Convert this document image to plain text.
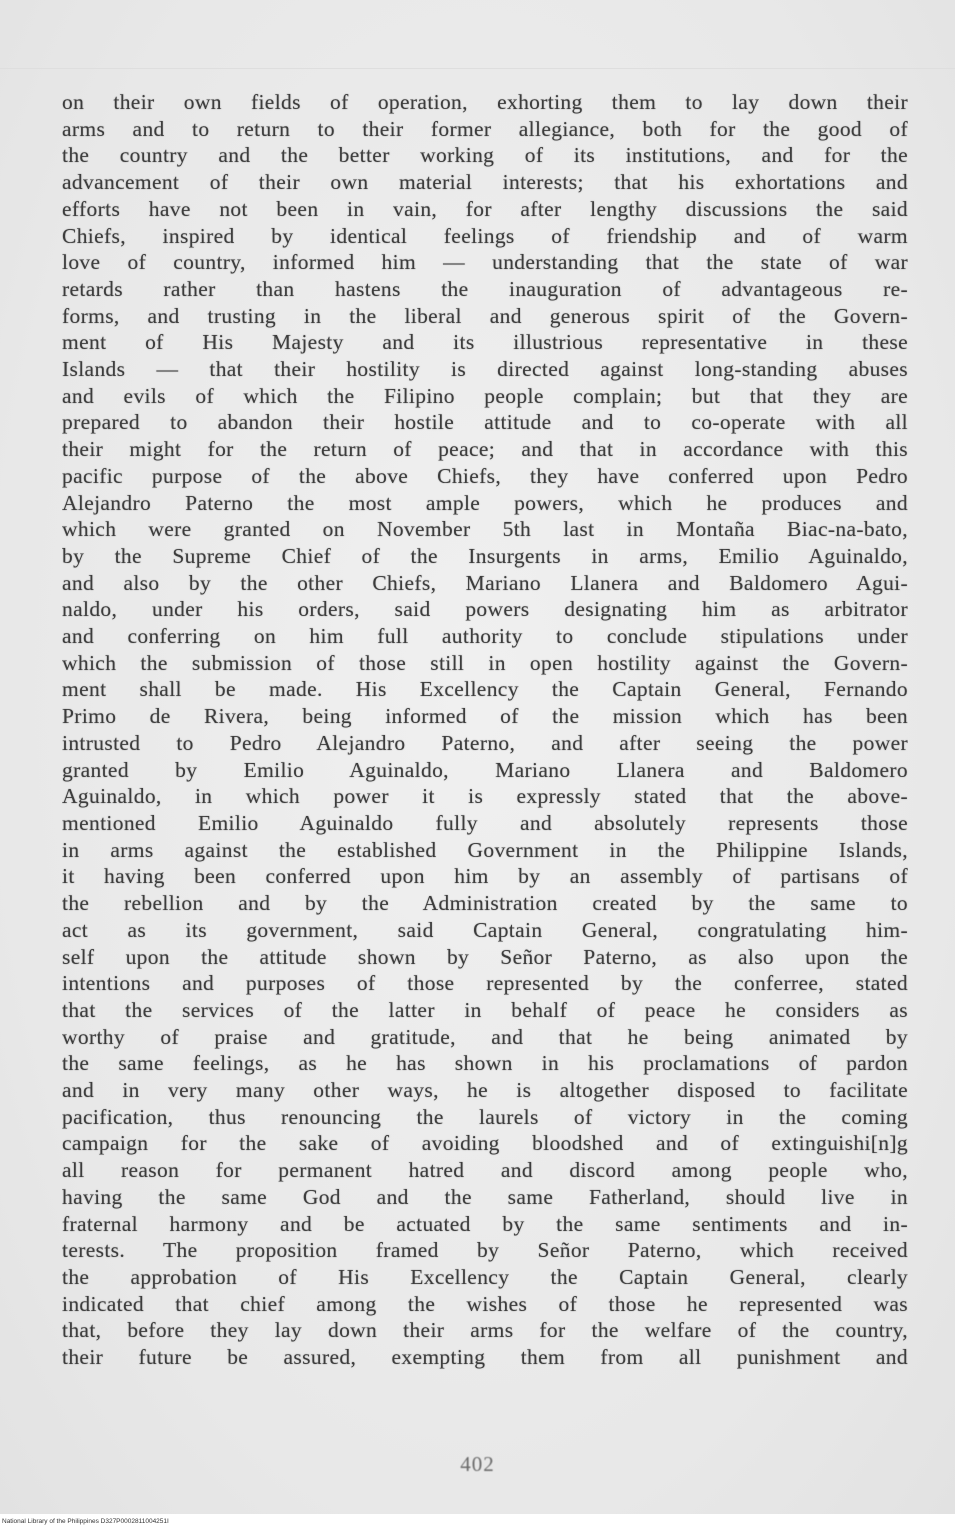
on their own fields of operation, exhorting them to lay down their
arms and to return to their former allegiance, both for the good of
the country and the better working of its institutions, and for the
advancement of their own material interests; that his exhortations and
efforts have not been in vain, for after lengthy discussions the said
Chiefs, inspired by identical feelings of friendship and of warm
love of country, informed him — understanding that the state of war
retards rather than hastens the inauguration of advantageous re-
forms, and trusting in the liberal and generous spirit of the Govern-
ment of His Majesty and its illustrious representative in these
Islands — that their hostility is directed against long-standing abuses
and evils of which the Filipino people complain; but that they are
prepared to abandon their hostile attitude and to co-operate with all
their might for the return of peace; and that in accordance with this
pacific purpose of the above Chiefs, they have conferred upon Pedro
Alejandro Paterno the most ample powers, which he produces and
which were granted on November 5th last in Montaña Biac-na-bato,
by the Supreme Chief of the Insurgents in arms, Emilio Aguinaldo,
and also by the other Chiefs, Mariano Llanera and Baldomero Agui-
naldo, under his orders, said powers designating him as arbitrator
and conferring on him full authority to conclude stipulations under
which the submission of those still in open hostility against the Govern-
ment shall be made. His Excellency the Captain General, Fernando
Primo de Rivera, being informed of the mission which has been
intrusted to Pedro Alejandro Paterno, and after seeing the power
granted by Emilio Aguinaldo, Mariano Llanera and Baldomero
Aguinaldo, in which power it is expressly stated that the above-
mentioned Emilio Aguinaldo fully and absolutely represents those
in arms against the established Government in the Philippine Islands,
it having been conferred upon him by an assembly of partisans of
the rebellion and by the Administration created by the same to
act as its government, said Captain General, congratulating him-
self upon the attitude shown by Señor Paterno, as also upon the
intentions and purposes of those represented by the conferree, stated
that the services of the latter in behalf of peace he considers as
worthy of praise and gratitude, and that he being animated by
the same feelings, as he has shown in his proclamations of pardon
and in very many other ways, he is altogether disposed to facilitate
pacification, thus renouncing the laurels of victory in the coming
campaign for the sake of avoiding bloodshed and of extinguishi[n]g
all reason for permanent hatred and discord among people who,
having the same God and the same Fatherland, should live in
fraternal harmony and be actuated by the same sentiments and in-
terests. The proposition framed by Señor Paterno, which received
the approbation of His Excellency the Captain General, clearly
indicated that chief among the wishes of those he represented was
that, before they lay down their arms for the welfare of the country,
their future be assured, exempting them from all punishment and
402
National Library of the Philippines D327P0002811004251I
